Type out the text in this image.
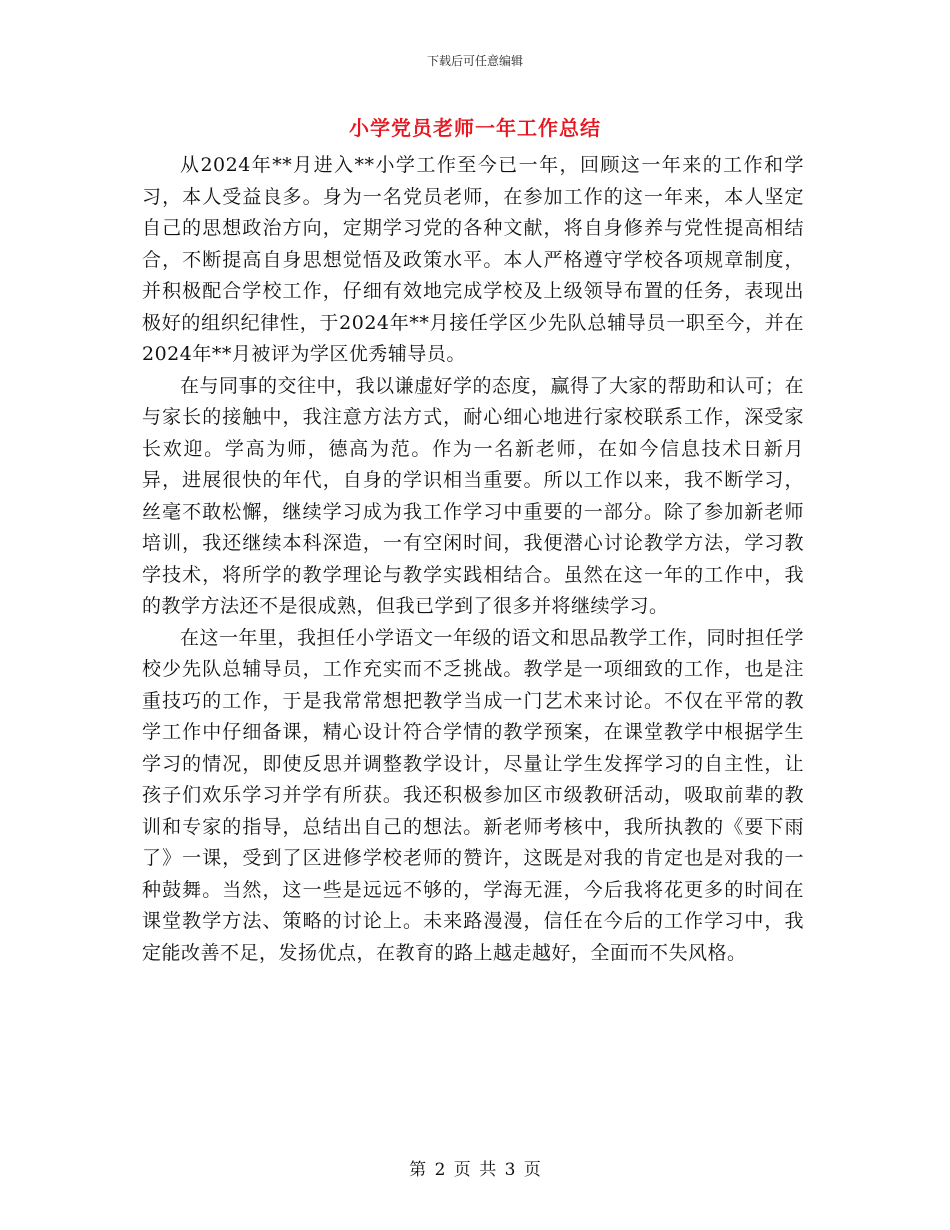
下载后可任意编辑
小学党员老师一年工作总结

从2024年**月进入**小学工作至今已一年，回顾这一年来的工作和学习，本人受益良多。身为一名党员老师，在参加工作的这一年来，本人坚定自己的思想政治方向，定期学习党的各种文献，将自身修养与党性提高相结合，不断提高自身思想觉悟及政策水平。本人严格遵守学校各项规章制度，并积极配合学校工作，仔细有效地完成学校及上级领导布置的任务，表现出极好的组织纪律性，于2024年**月接任学区少先队总辅导员一职至今，并在2024年**月被评为学区优秀辅导员。

在与同事的交往中，我以谦虚好学的态度，赢得了大家的帮助和认可；在与家长的接触中，我注意方法方式，耐心细心地进行家校联系工作，深受家长欢迎。学高为师，德高为范。作为一名新老师，在如今信息技术日新月异，进展很快的年代，自身的学识相当重要。所以工作以来，我不断学习，丝毫不敢松懈，继续学习成为我工作学习中重要的一部分。除了参加新老师培训，我还继续本科深造，一有空闲时间，我便潜心讨论教学方法，学习教学技术，将所学的教学理论与教学实践相结合。虽然在这一年的工作中，我的教学方法还不是很成熟，但我已学到了很多并将继续学习。

在这一年里，我担任小学语文一年级的语文和思品教学工作，同时担任学校少先队总辅导员，工作充实而不乏挑战。教学是一项细致的工作，也是注重技巧的工作，于是我常常想把教学当成一门艺术来讨论。不仅在平常的教学工作中仔细备课，精心设计符合学情的教学预案，在课堂教学中根据学生学习的情况，即使反思并调整教学设计，尽量让学生发挥学习的自主性，让孩子们欢乐学习并学有所获。我还积极参加区市级教研活动，吸取前辈的教训和专家的指导，总结出自己的想法。新老师考核中，我所执教的《要下雨了》一课，受到了区进修学校老师的赞许，这既是对我的肯定也是对我的一种鼓舞。当然，这一些是远远不够的，学海无涯，今后我将花更多的时间在课堂教学方法、策略的讨论上。未来路漫漫，信任在今后的工作学习中，我定能改善不足，发扬优点，在教育的路上越走越好，全面而不失风格。

第 2 页 共 3 页
